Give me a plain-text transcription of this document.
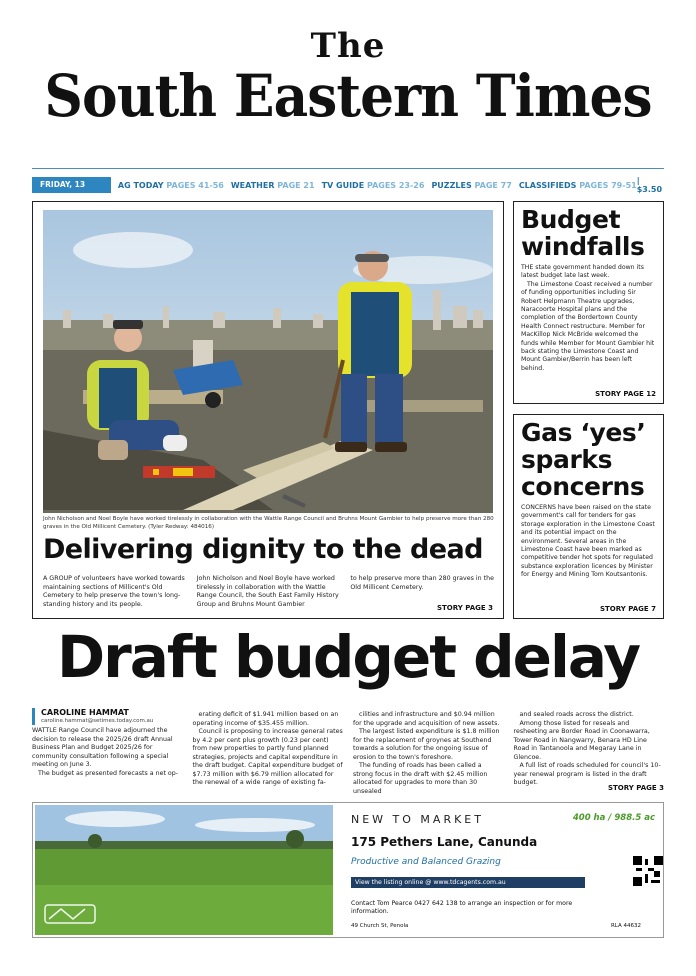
The
South Eastern Times
FRIDAY, 13 JUNE, 2025
AG TODAY PAGES 41-56 WEATHER PAGE 21 TV GUIDE PAGES 23-26 PUZZLES PAGE 77 CLASSIFIEDS PAGES 79-51 | $3.50
John Nicholson and Noel Boyle have worked tirelessly in collaboration with the Wattle Range Council and Bruhns Mount Gambier to help preserve more than 280 graves in the Old Millicent Cemetery. (Tyler Redway: 484016)
Delivering dignity to the dead

A GROUP of volunteers have worked towards maintaining sections of Millicent's Old Cemetery to help preserve the town's long-standing history and its people.

John Nicholson and Noel Boyle have worked tirelessly in collaboration with the Wattle Range Council, the South East Family History Group and Bruhns Mount Gambier

to help preserve more than 280 graves in the Old Millicent Cemetery.

STORY PAGE 3
Budget windfalls

THE state government handed down its latest budget late last week.

The Limestone Coast received a number of funding opportunities including Sir Robert Helpmann Theatre upgrades, Naracoorte Hospital plans and the completion of the Bordertown County Health Connect restructure. Member for MacKillop Nick McBride welcomed the funds while Member for Mount Gambier hit back stating the Limestone Coast and Mount Gambier/Berrin has been left behind.

STORY PAGE 12
Gas ‘yes’ sparks concerns

CONCERNS have been raised on the state government's call for tenders for gas storage exploration in the Limestone Coast and its potential impact on the environment. Several areas in the Limestone Coast have been marked as competitive tender hot spots for regulated substance exploration licences by Minister for Energy and Mining Tom Koutsantonis.

STORY PAGE 7
Draft budget delay

WATTLE Range Council have adjourned the decision to release the 2025/26 draft Annual Business Plan and Budget 2025/26 for community consultation following a special meeting on June 3.

The budget as presented forecasts a net op-

erating deficit of $1.941 million based on an operating income of $35.455 million.

Council is proposing to increase general rates by 4.2 per cent plus growth (0.23 per cent) from new properties to partly fund planned strategies, projects and capital expenditure in the draft budget. Capital expenditure budget of $7.73 million with $6.79 million allocated for the renewal of a wide range of existing fa-

cilities and infrastructure and $0.94 million for the upgrade and acquisition of new assets.

The largest listed expenditure is $1.8 million for the replacement of groynes at Southend towards a solution for the ongoing issue of erosion to the town's foreshore.

The funding of roads has been called a strong focus in the draft with $2.45 million allocated for upgrades to more than 30 unsealed

and sealed roads across the district.

Among those listed for reseals and resheeting are Border Road in Coonawarra, Tower Road in Nangwarry, Benara HD Line Road in Tantanoola and Megaray Lane in Glencoe.

A full list of roads scheduled for council's 10-year renewal program is listed in the draft budget.

CAROLINE HAMMAT
caroline.hammat@setimes.today.com.au
STORY PAGE 3
NEW TO MARKET	400 ha / 988.5 ac
175 Pethers Lane, Canunda
Productive and Balanced Grazing
View the listing online @ www.tdcagents.com.au
Contact Tom Pearce 0427 642 138 to arrange an inspection or for more information.
49 Church St, Penola	RLA 44632
